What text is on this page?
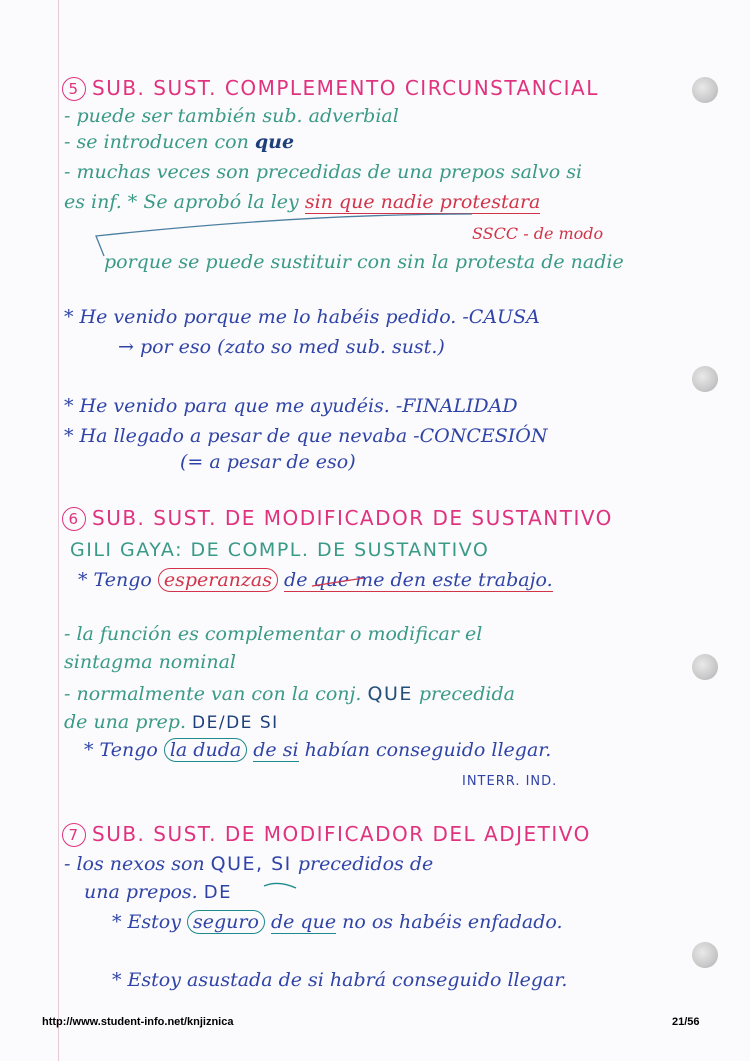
5 SUB. SUST. COMPLEMENTO CIRCUNSTANCIAL
- puede ser también sub. adverbial
- se introducen con que
- muchas veces son precedidas de una prepos salvo si
es inf. * Se aprobó la ley sin que nadie protestara
SSCC - de modo
porque se puede sustituir con sin la protesta de nadie
* He venido porque me lo habéis pedido. -CAUSA
→ por eso (zato so med sub. sust.)
* He venido para que me ayudéis. -FINALIDAD
* Ha llegado a pesar de que nevaba -CONCESIÓN
(= a pesar de eso)
6 SUB. SUST. DE MODIFICADOR DE SUSTANTIVO
GILI GAYA: DE COMPL. DE SUSTANTIVO
* Tengo esperanzas de que me den este trabajo.
- la función es complementar o modificar el
sintagma nominal
- normalmente van con la conj. QUE precedida
de una prep. DE/DE SI
* Tengo la duda de si habían conseguido llegar.
INTERR. IND.
7 SUB. SUST. DE MODIFICADOR DEL ADJETIVO
- los nexos son QUE, SI precedidos de
una prepos. DE
* Estoy seguro de que no os habéis enfadado.
* Estoy asustada de si habrá conseguido llegar.
http://www.student-info.net/knjiznica	21/56
